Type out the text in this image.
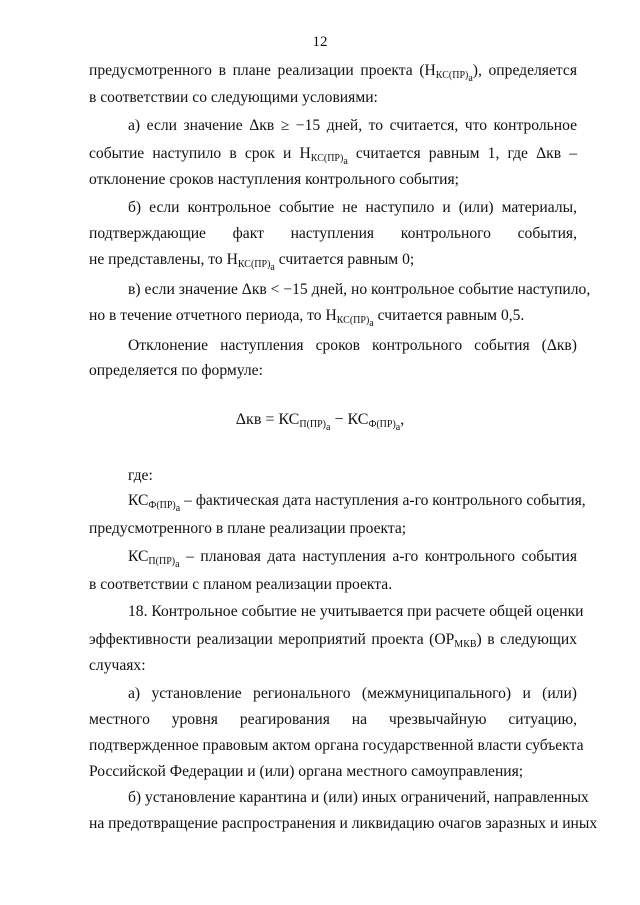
12
предусмотренного в плане реализации проекта $(Н_{КС(ПР)_а})$, определяется
в соответствии со следующими условиями:
а) если значение Δкв ≥ −15 дней, то считается, что контрольное
событие наступило в срок и $Н_{КС(ПР)_а}$ считается равным 1, где Δкв –
отклонение сроков наступления контрольного события;
б) если контрольное событие не наступило и (или) материалы,
подтверждающие факт наступления контрольного события,
не представлены, то $Н_{КС(ПР)_а}$ считается равным 0;
в) если значение Δкв < −15 дней, но контрольное событие наступило,
но в течение отчетного периода, то $Н_{КС(ПР)_а}$ считается равным 0,5.
Отклонение наступления сроков контрольного события (Δкв)
определяется по формуле:
$\Delta кв = КС_{П(ПР)_а} - КС_{Ф(ПР)_а}$,
где:
$КС_{Ф(ПР)_а}$ – фактическая дата наступления а-го контрольного события,
предусмотренного в плане реализации проекта;
$КС_{П(ПР)_а}$ – плановая дата наступления а-го контрольного события
в соответствии с планом реализации проекта.
18. Контрольное событие не учитывается при расчете общей оценки
эффективности реализации мероприятий проекта $(ОР_{МКВ})$ в следующих
случаях:
а) установление регионального (межмуниципального) и (или)
местного уровня реагирования на чрезвычайную ситуацию,
подтвержденное правовым актом органа государственной власти субъекта
Российской Федерации и (или) органа местного самоуправления;
б) установление карантина и (или) иных ограничений, направленных
на предотвращение распространения и ликвидацию очагов заразных и иных
